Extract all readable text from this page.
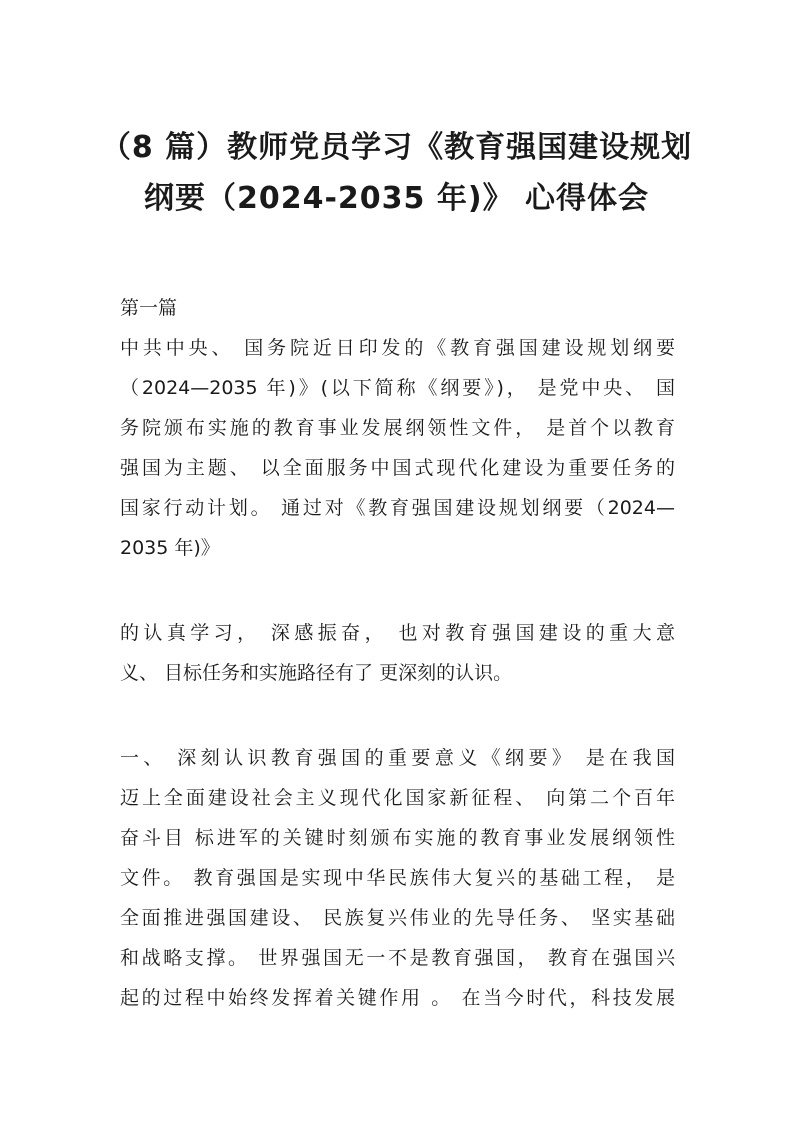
（8 篇）教师党员学习《教育强国建设规划
纲要（2024-2035 年)》 心得体会
第一篇
中共中央、 国务院近日印发的《教育强国建设规划纲要
（2024—2035 年)》(以下简称《纲要》)， 是党中央、 国
务院颁布实施的教育事业发展纲领性文件， 是首个以教育
强国为主题、 以全面服务中国式现代化建设为重要任务的
国家行动计划。 通过对《教育强国建设规划纲要（2024—
2035 年)》
的认真学习， 深感振奋， 也对教育强国建设的重大意
义、 目标任务和实施路径有了 更深刻的认识。
一、 深刻认识教育强国的重要意义《纲要》 是在我国
迈上全面建设社会主义现代化国家新征程、 向第二个百年
奋斗目 标进军的关键时刻颁布实施的教育事业发展纲领性
文件。 教育强国是实现中华民族伟大复兴的基础工程， 是
全面推进强国建设、 民族复兴伟业的先导任务、 坚实基础
和战略支撑。 世界强国无一不是教育强国， 教育在强国兴
起的过程中始终发挥着关键作用 。 在当今时代，科技发展
